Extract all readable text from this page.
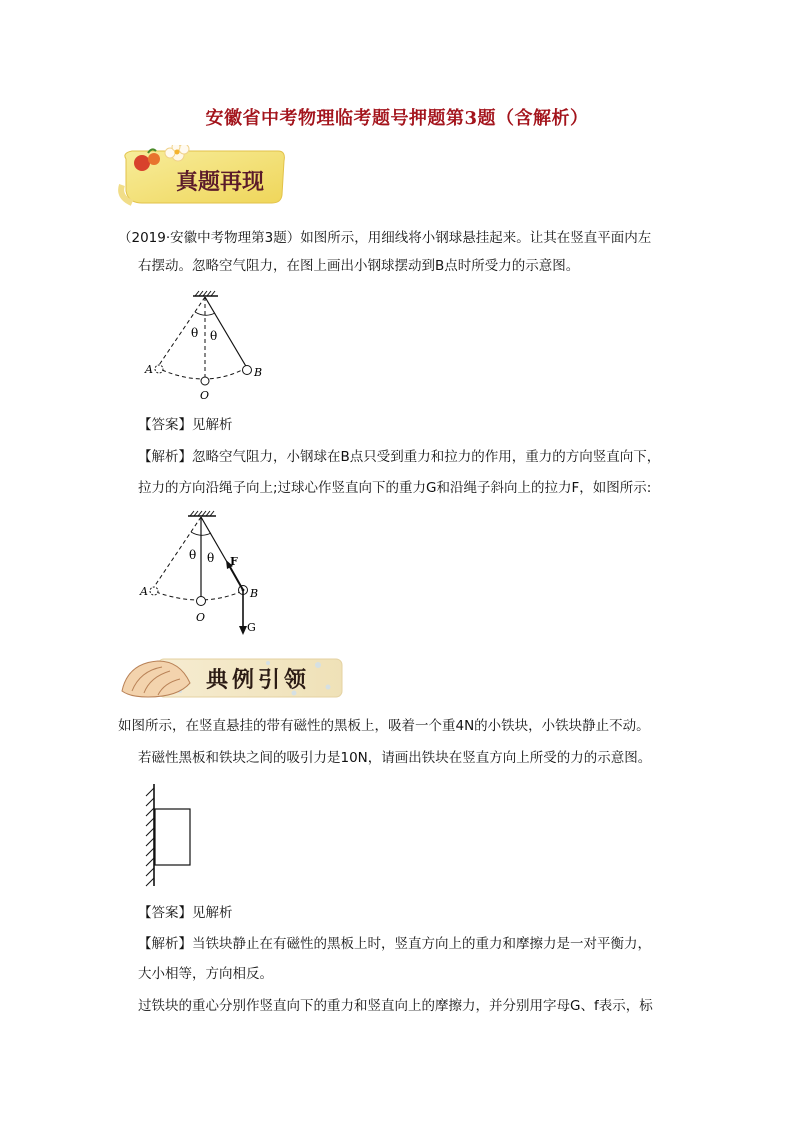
安徽省中考物理临考题号押题第3题（含解析）
真题再现
（2019·安徽中考物理第3题）如图所示，用细线将小钢球悬挂起来。让其在竖直平面内左
右摆动。忽略空气阻力，在图上画出小钢球摆动到B点时所受力的示意图。
θ θ
A	B
O
【答案】见解析
【解析】忽略空气阻力，小钢球在B点只受到重力和拉力的作用，重力的方向竖直向下，
拉力的方向沿绳子向上;过球心作竖直向下的重力G和沿绳子斜向上的拉力F，如图所示:
θ θ
A	B
O
F
G
典例引领
如图所示，在竖直悬挂的带有磁性的黑板上，吸着一个重4N的小铁块，小铁块静止不动。
若磁性黑板和铁块之间的吸引力是10N，请画出铁块在竖直方向上所受的力的示意图。
【答案】见解析
【解析】当铁块静止在有磁性的黑板上时，竖直方向上的重力和摩擦力是一对平衡力，
大小相等，方向相反。
过铁块的重心分别作竖直向下的重力和竖直向上的摩擦力，并分别用字母G、f表示，标
